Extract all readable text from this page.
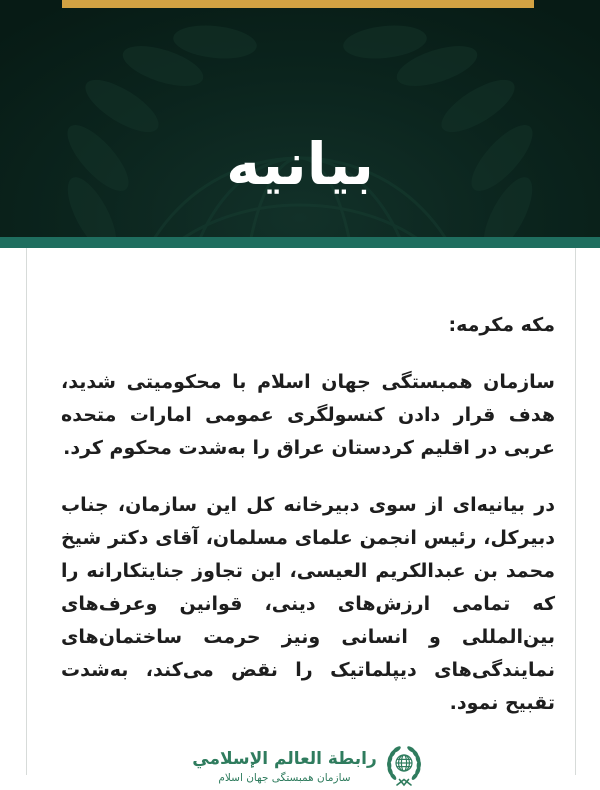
بیانیه
مکه مکرمه:

سازمان همبستگی جهان اسلام با محکومیتی شدید، هدف قرار دادن کنسولگری عمومی امارات متحده عربی در اقلیم کردستان عراق را به‌شدت محکوم کرد.

در بیانیه‌ای از سوی دبیرخانه کل این سازمان، جناب دبیرکل، رئیس انجمن علمای مسلمان، آقای دکتر شیخ محمد بن عبدالکریم العیسی، این تجاوز جنایتکارانه را که تمامی ارزش‌های دینی، قوانین وعرف‌های بین‌المللی و انسانی ونیز حرمت ساختمان‌های نمایندگی‌های دیپلماتیک را نقض می‌کند، به‌شدت تقبیح نمود.

رابطة العالم الإسلامي
سازمان همبستگی جهان اسلام
